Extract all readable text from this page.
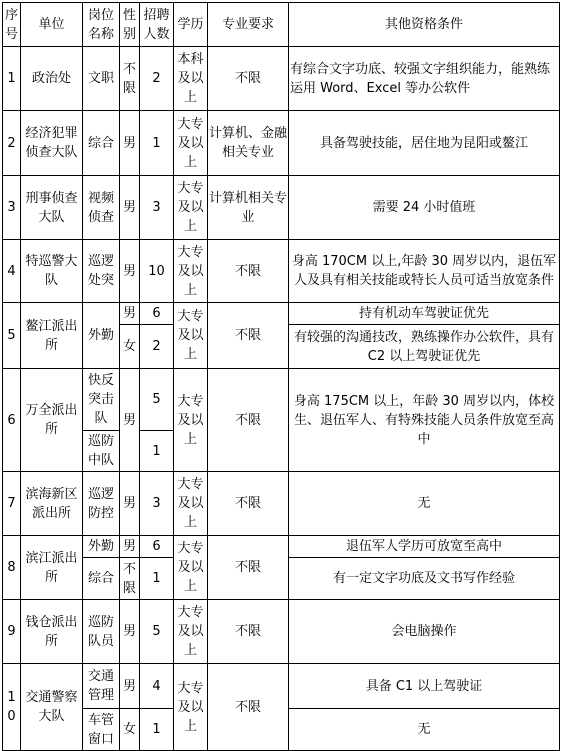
序号	单位	岗位名称	性别	招聘人数	学历	专业要求	其他资格条件
1	政治处	文职	不限	2	本科及以上	不限	有综合文字功底、较强文字组织能力，能熟练运用 Word、Excel 等办公软件
2	经济犯罪侦查大队	综合	男	1	大专及以上	计算机、金融相关专业	具备驾驶技能，居住地为昆阳或鳌江
3	刑事侦查大队	视频侦查	男	3	大专及以上	计算机相关专业	需要 24 小时值班
4	特巡警大队	巡逻处突	男	10	大专及以上	不限	身高 170CM 以上,年龄 30 周岁以内，退伍军人及具有相关技能或特长人员可适当放宽条件
5	鳌江派出所	外勤	男	6	大专及以上	不限	持有机动车驾驶证优先
			女	2			有较强的沟通技改，熟练操作办公软件，具有 C2 以上驾驶证优先
6	万全派出所	快反突击队	男	5	大专及以上	不限	身高 175CM 以上，年龄 30 周岁以内，体校生、退伍军人、有特殊技能人员条件放宽至高中
		巡防中队		1			
7	滨海新区派出所	巡逻防控	男	3	大专及以上	不限	无
8	滨江派出所	外勤	男	6	大专及以上	不限	退伍军人学历可放宽至高中
		综合	不限	1			有一定文字功底及文书写作经验
9	钱仓派出所	巡防队员	男	5	大专及以上	不限	会电脑操作
10	交通警察大队	交通管理	男	4	大专及以上	不限	具备 C1 以上驾驶证
		车管窗口	女	1			无
